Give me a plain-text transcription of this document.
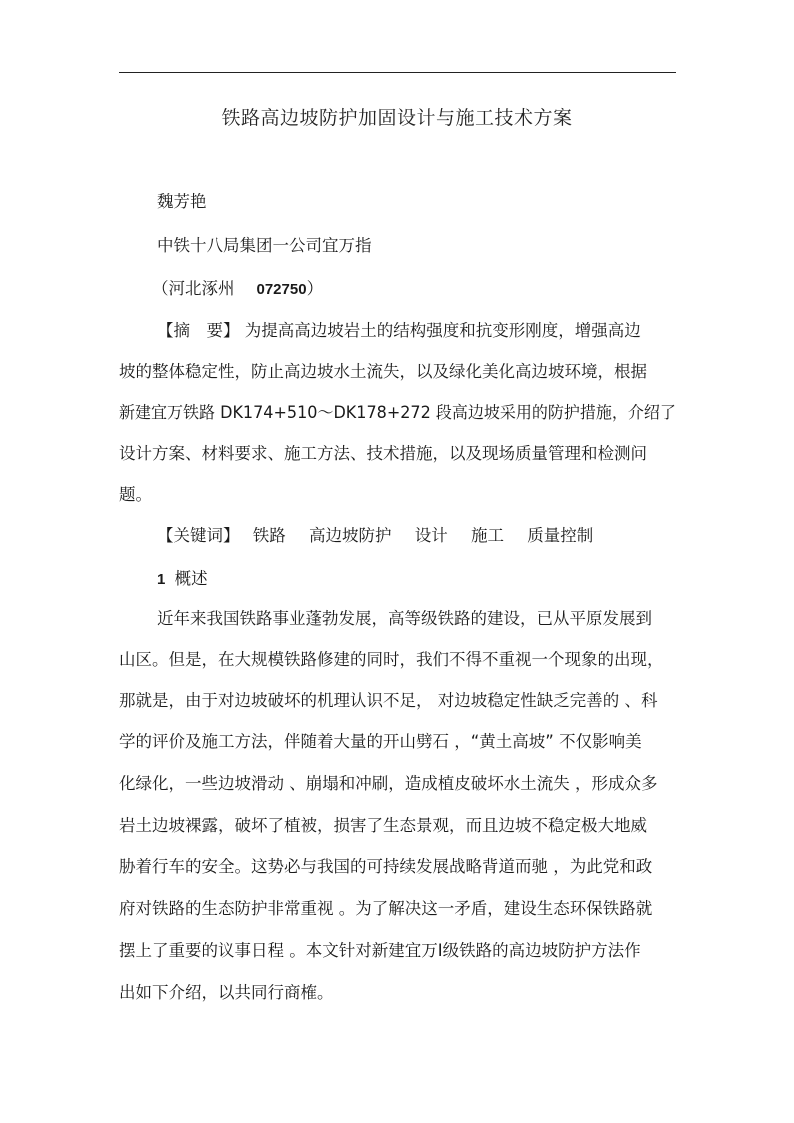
铁路高边坡防护加固设计与施工技术方案
魏芳艳
中铁十八局集团一公司宜万指
（河北涿州 072750）
【摘　要】 为提高高边坡岩土的结构强度和抗变形刚度，增强高边
坡的整体稳定性，防止高边坡水土流失，以及绿化美化高边坡环境，根据
新建宜万铁路 DK174+510～DK178+272 段高边坡采用的防护措施，介绍了
设计方案、材料要求、施工方法、技术措施，以及现场质量管理和检测问
题。
【关键词】 铁路 高边坡防护 设计 施工 质量控制
1 概述
近年来我国铁路事业蓬勃发展，高等级铁路的建设，已从平原发展到
山区。但是，在大规模铁路修建的同时，我们不得不重视一个现象的出现，
那就是，由于对边坡破坏的机理认识不足， 对边坡稳定性缺乏完善的 、科
学的评价及施工方法，伴随着大量的开山劈石 ，“黄土高坡” 不仅影响美
化绿化，一些边坡滑动 、崩塌和冲刷，造成植皮破坏水土流失 ，形成众多
岩土边坡裸露，破坏了植被，损害了生态景观，而且边坡不稳定极大地威
胁着行车的安全。这势必与我国的可持续发展战略背道而驰 ，为此党和政
府对铁路的生态防护非常重视 。为了解决这一矛盾，建设生态环保铁路就
摆上了重要的议事日程 。本文针对新建宜万Ⅰ级铁路的高边坡防护方法作
出如下介绍，以共同行商榷。
